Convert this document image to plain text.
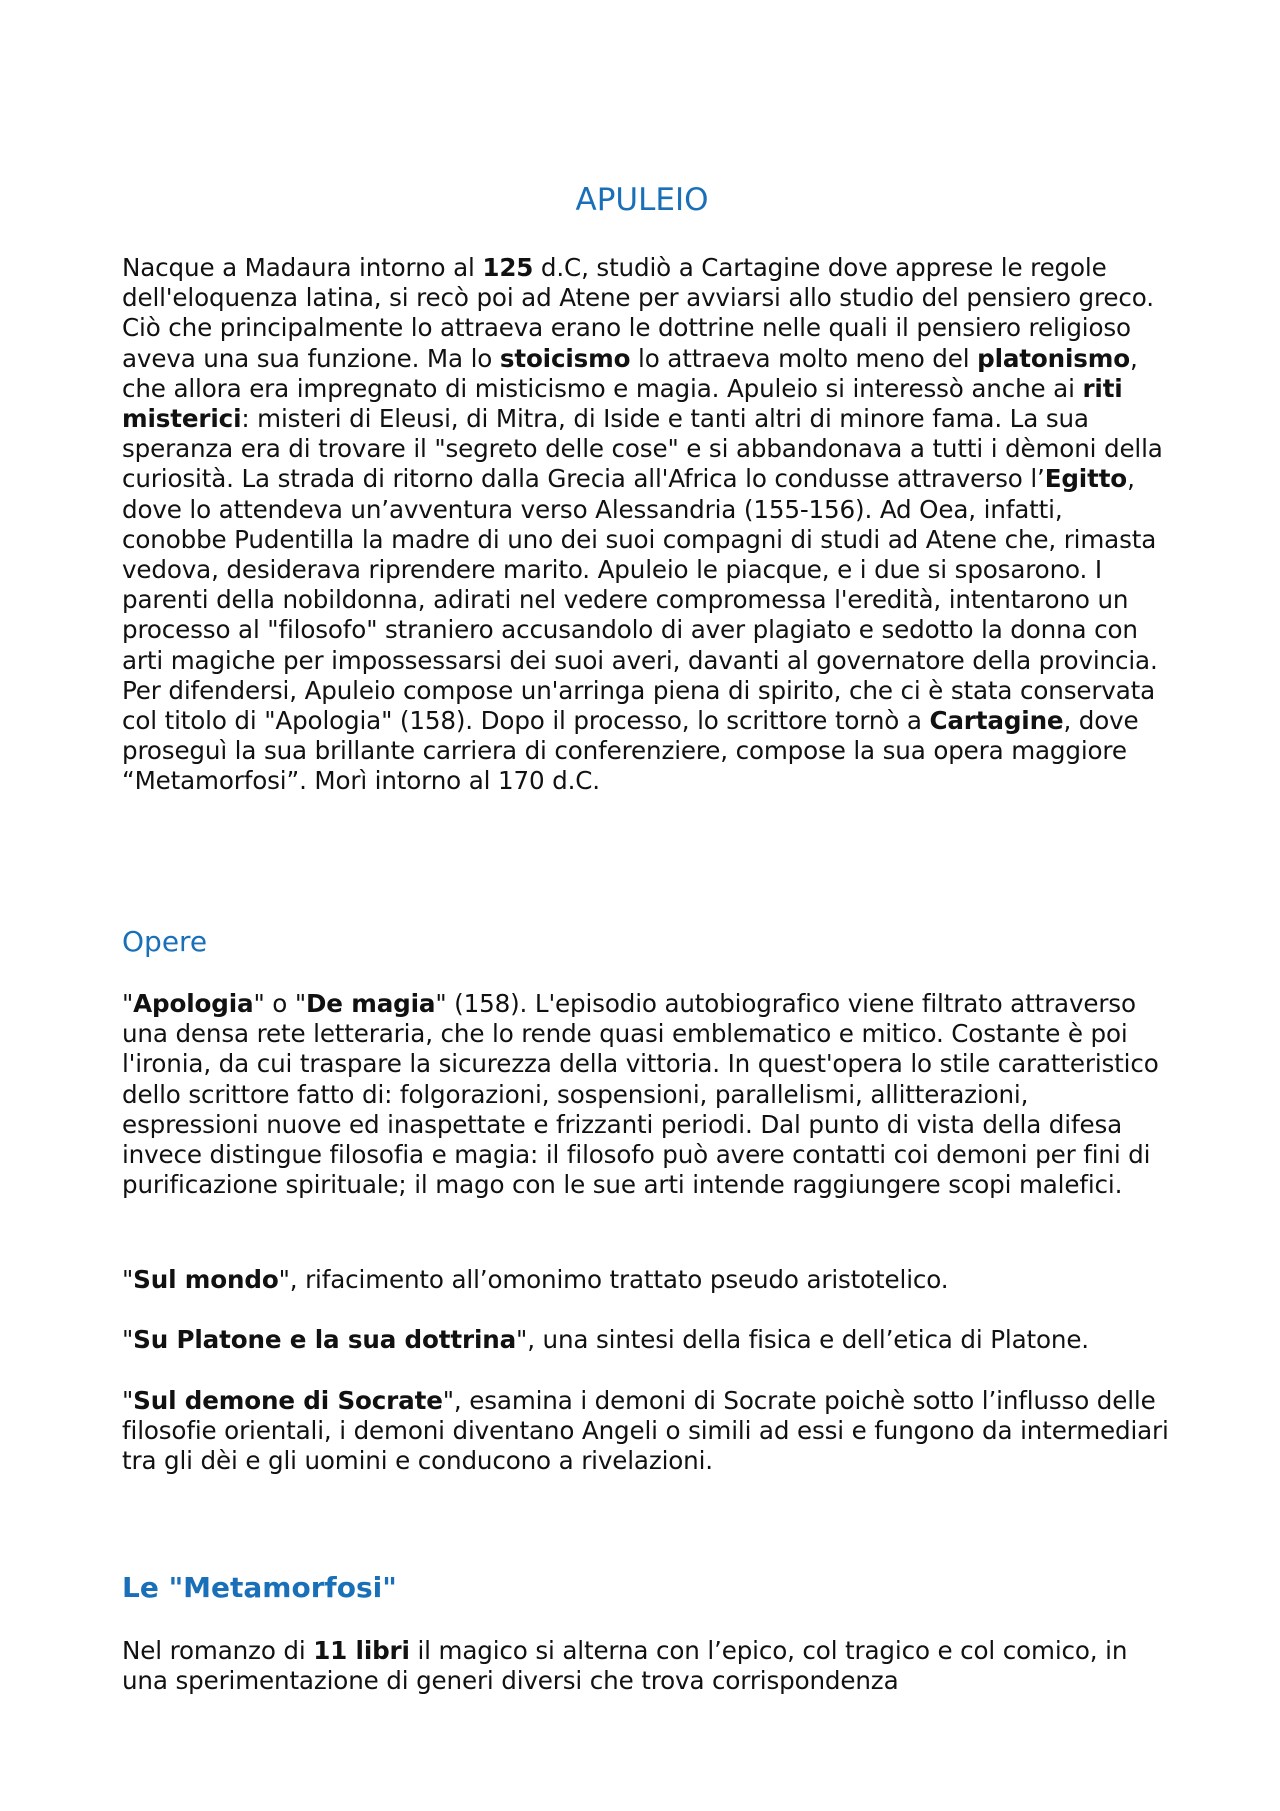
APULEIO

Nacque a Madaura intorno al 125 d.C, studiò a Cartagine dove apprese le regole dell'eloquenza latina, si recò poi ad Atene per avviarsi allo studio del pensiero greco. Ciò che principalmente lo attraeva erano le dottrine nelle quali il pensiero religioso aveva una sua funzione. Ma lo stoicismo lo attraeva molto meno del platonismo, che allora era impregnato di misticismo e magia. Apuleio si interessò anche ai riti misterici: misteri di Eleusi, di Mitra, di Iside e tanti altri di minore fama. La sua speranza era di trovare il "segreto delle cose" e si abbandonava a tutti i dèmoni della curiosità. La strada di ritorno dalla Grecia all'Africa lo condusse attraverso l’Egitto, dove lo attendeva un’avventura verso Alessandria (155-156). Ad Oea, infatti, conobbe Pudentilla la madre di uno dei suoi compagni di studi ad Atene che, rimasta vedova, desiderava riprendere marito. Apuleio le piacque, e i due si sposarono. I parenti della nobildonna, adirati nel vedere compromessa l'eredità, intentarono un processo al "filosofo" straniero accusandolo di aver plagiato e sedotto la donna con arti magiche per impossessarsi dei suoi averi, davanti al governatore della provincia. Per difendersi, Apuleio compose un'arringa piena di spirito, che ci è stata conservata col titolo di "Apologia" (158). Dopo il processo, lo scrittore tornò a Cartagine, dove proseguì la sua brillante carriera di conferenziere, compose la sua opera maggiore “Metamorfosi”. Morì intorno al 170 d.C.

Opere

"Apologia" o "De magia" (158). L'episodio autobiografico viene filtrato attraverso una densa rete letteraria, che lo rende quasi emblematico e mitico. Costante è poi l'ironia, da cui traspare la sicurezza della vittoria. In quest'opera lo stile caratteristico dello scrittore fatto di: folgorazioni, sospensioni, parallelismi, allitterazioni, espressioni nuove ed inaspettate e frizzanti periodi. Dal punto di vista della difesa invece distingue filosofia e magia: il filosofo può avere contatti coi demoni per fini di purificazione spirituale; il mago con le sue arti intende raggiungere scopi malefici.

"Sul mondo", rifacimento all’omonimo trattato pseudo aristotelico.

"Su Platone e la sua dottrina", una sintesi della fisica e dell’etica di Platone.

"Sul demone di Socrate", esamina i demoni di Socrate poichè sotto l’influsso delle filosofie orientali, i demoni diventano Angeli o simili ad essi e fungono da intermediari tra gli dèi e gli uomini e conducono a rivelazioni.

Le "Metamorfosi"

Nel romanzo di 11 libri il magico si alterna con l’epico, col tragico e col comico, in una sperimentazione di generi diversi che trova corrispondenza
